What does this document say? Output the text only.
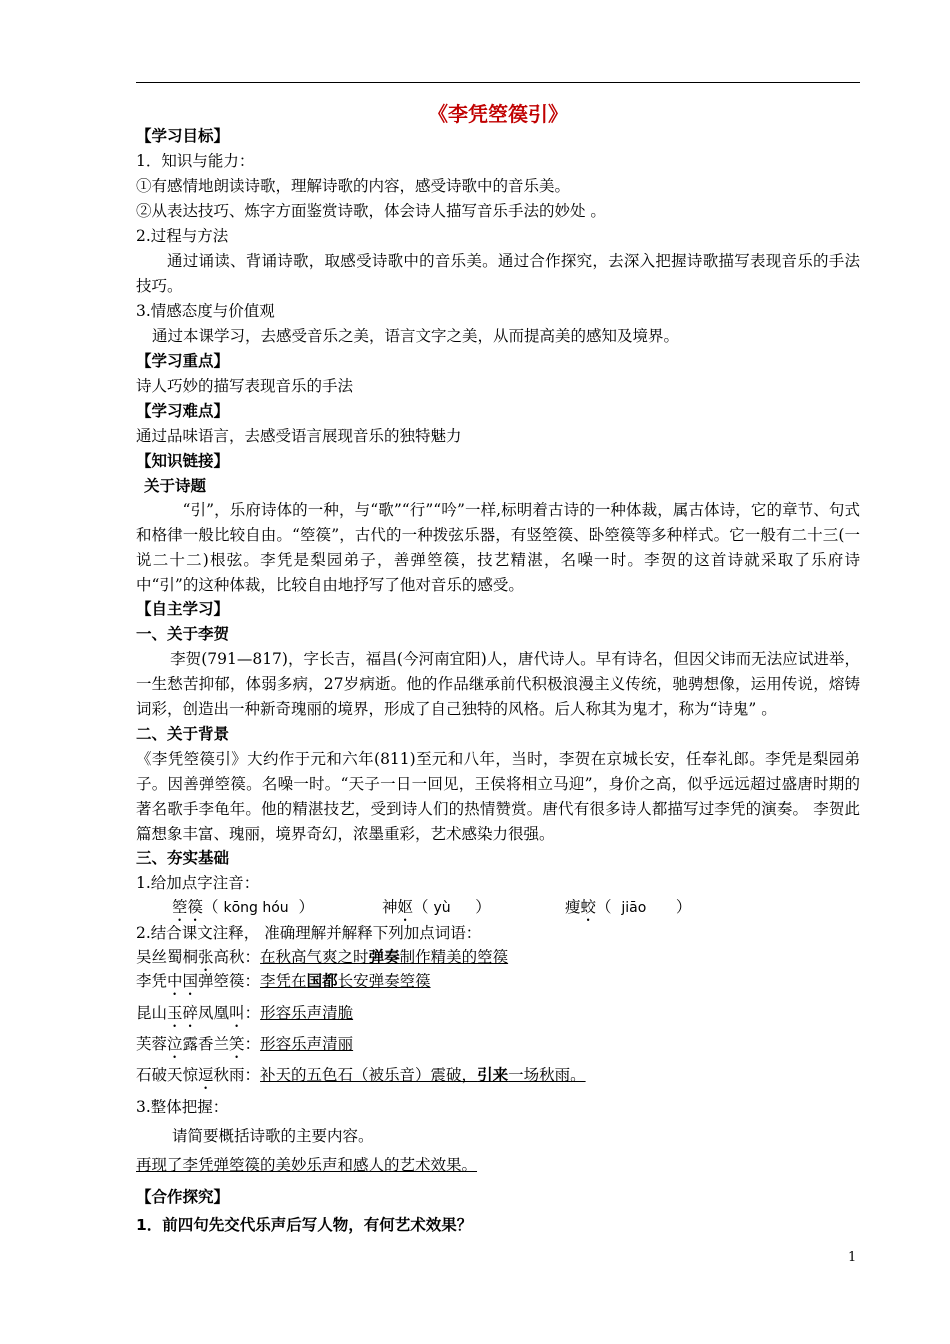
《李凭箜篌引》
【学习目标】
1．知识与能力：
①有感情地朗读诗歌，理解诗歌的内容，感受诗歌中的音乐美。
②从表达技巧、炼字方面鉴赏诗歌，体会诗人描写音乐手法的妙处 。
2.过程与方法
通过诵读、背诵诗歌，取感受诗歌中的音乐美。通过合作探究，去深入把握诗歌描写表现音乐的手法技巧。
3.情感态度与价值观
通过本课学习，去感受音乐之美，语言文字之美，从而提高美的感知及境界。
【学习重点】
诗人巧妙的描写表现音乐的手法
【学习难点】
通过品味语言，去感受语言展现音乐的独特魅力
【知识链接】
关于诗题
“引”，乐府诗体的一种，与“歌”“行”“吟”一样,标明着古诗的一种体裁，属古体诗，它的章节、句式和格律一般比较自由。“箜篌”，古代的一种拨弦乐器，有竖箜篌、卧箜篌等多种样式。它一般有二十三(一说二十二)根弦。李凭是梨园弟子，善弹箜篌，技艺精湛，名噪一时。李贺的这首诗就采取了乐府诗中“引”的这种体裁，比较自由地抒写了他对音乐的感受。
【自主学习】
一、关于李贺
李贺(791—817)，字长吉，福昌(今河南宜阳)人，唐代诗人。早有诗名，但因父讳而无法应试进举，一生愁苦抑郁，体弱多病，27岁病逝。他的作品继承前代积极浪漫主义传统，驰骋想像，运用传说，熔铸词彩，创造出一种新奇瑰丽的境界，形成了自己独特的风格。后人称其为鬼才，称为“诗鬼” 。
二、关于背景
《李凭箜篌引》大约作于元和六年(811)至元和八年，当时，李贺在京城长安，任奉礼郎。李凭是梨园弟子。因善弹箜篌。名噪一时。“天子一日一回见，王侯将相立马迎”，身价之高，似乎远远超过盛唐时期的著名歌手李龟年。他的精湛技艺，受到诗人们的热情赞赏。唐代有很多诗人都描写过李凭的演奏。 李贺此篇想象丰富、瑰丽，境界奇幻，浓墨重彩，艺术感染力很强。
三、夯实基础
1.给加点字注音：
箜篌（ kōng hóu ）	神妪（ yù ）	瘦蛟（ jiāo ）
2.结合课文注释， 准确理解并解释下列加点词语：
吴丝蜀桐张高秋：在秋高气爽之时弹奏制作精美的箜篌
李凭中国弹箜篌：李凭在国都长安弹奏箜篌
昆山玉碎凤凰叫：形容乐声清脆
芙蓉泣露香兰笑：形容乐声清丽
石破天惊逗秋雨：补天的五色石（被乐音）震破，引来一场秋雨。
3.整体把握：
请简要概括诗歌的主要内容。
再现了李凭弹箜篌的美妙乐声和感人的艺术效果。
【合作探究】
1．前四句先交代乐声后写人物，有何艺术效果？
1
